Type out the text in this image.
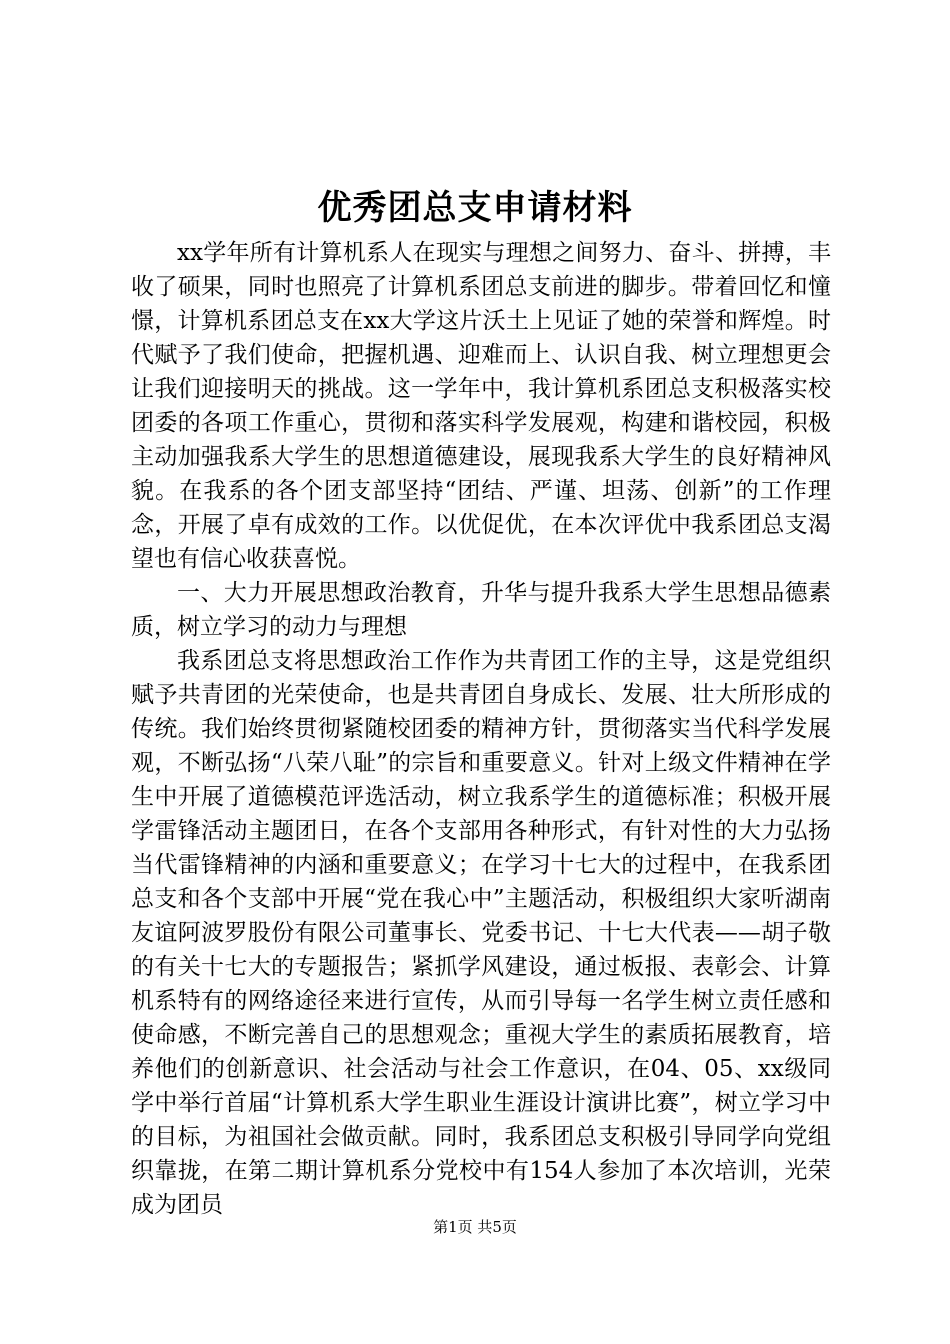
优秀团总支申请材料

xx学年所有计算机系人在现实与理想之间努力、奋斗、拼搏，丰收了硕果，同时也照亮了计算机系团总支前进的脚步。带着回忆和憧憬，计算机系团总支在xx大学这片沃土上见证了她的荣誉和辉煌。时代赋予了我们使命，把握机遇、迎难而上、认识自我、树立理想更会让我们迎接明天的挑战。这一学年中，我计算机系团总支积极落实校团委的各项工作重心，贯彻和落实科学发展观，构建和谐校园，积极主动加强我系大学生的思想道德建设，展现我系大学生的良好精神风貌。在我系的各个团支部坚持“团结、严谨、坦荡、创新”的工作理念，开展了卓有成效的工作。以优促优，在本次评优中我系团总支渴望也有信心收获喜悦。

一、大力开展思想政治教育，升华与提升我系大学生思想品德素质，树立学习的动力与理想

我系团总支将思想政治工作作为共青团工作的主导，这是党组织赋予共青团的光荣使命，也是共青团自身成长、发展、壮大所形成的传统。我们始终贯彻紧随校团委的精神方针，贯彻落实当代科学发展观，不断弘扬“八荣八耻”的宗旨和重要意义。针对上级文件精神在学生中开展了道德模范评选活动，树立我系学生的道德标准；积极开展学雷锋活动主题团日，在各个支部用各种形式，有针对性的大力弘扬当代雷锋精神的内涵和重要意义；在学习十七大的过程中，在我系团总支和各个支部中开展“党在我心中”主题活动，积极组织大家听湖南友谊阿波罗股份有限公司董事长、党委书记、十七大代表——胡子敬的有关十七大的专题报告；紧抓学风建设，通过板报、表彰会、计算机系特有的网络途径来进行宣传，从而引导每一名学生树立责任感和使命感，不断完善自己的思想观念；重视大学生的素质拓展教育，培养他们的创新意识、社会活动与社会工作意识，在04、05、xx级同学中举行首届“计算机系大学生职业生涯设计演讲比赛”，树立学习中的目标，为祖国社会做贡献。同时，我系团总支积极引导同学向党组织靠拢，在第二期计算机系分党校中有154人参加了本次培训，光荣成为团员

第1页 共5页
